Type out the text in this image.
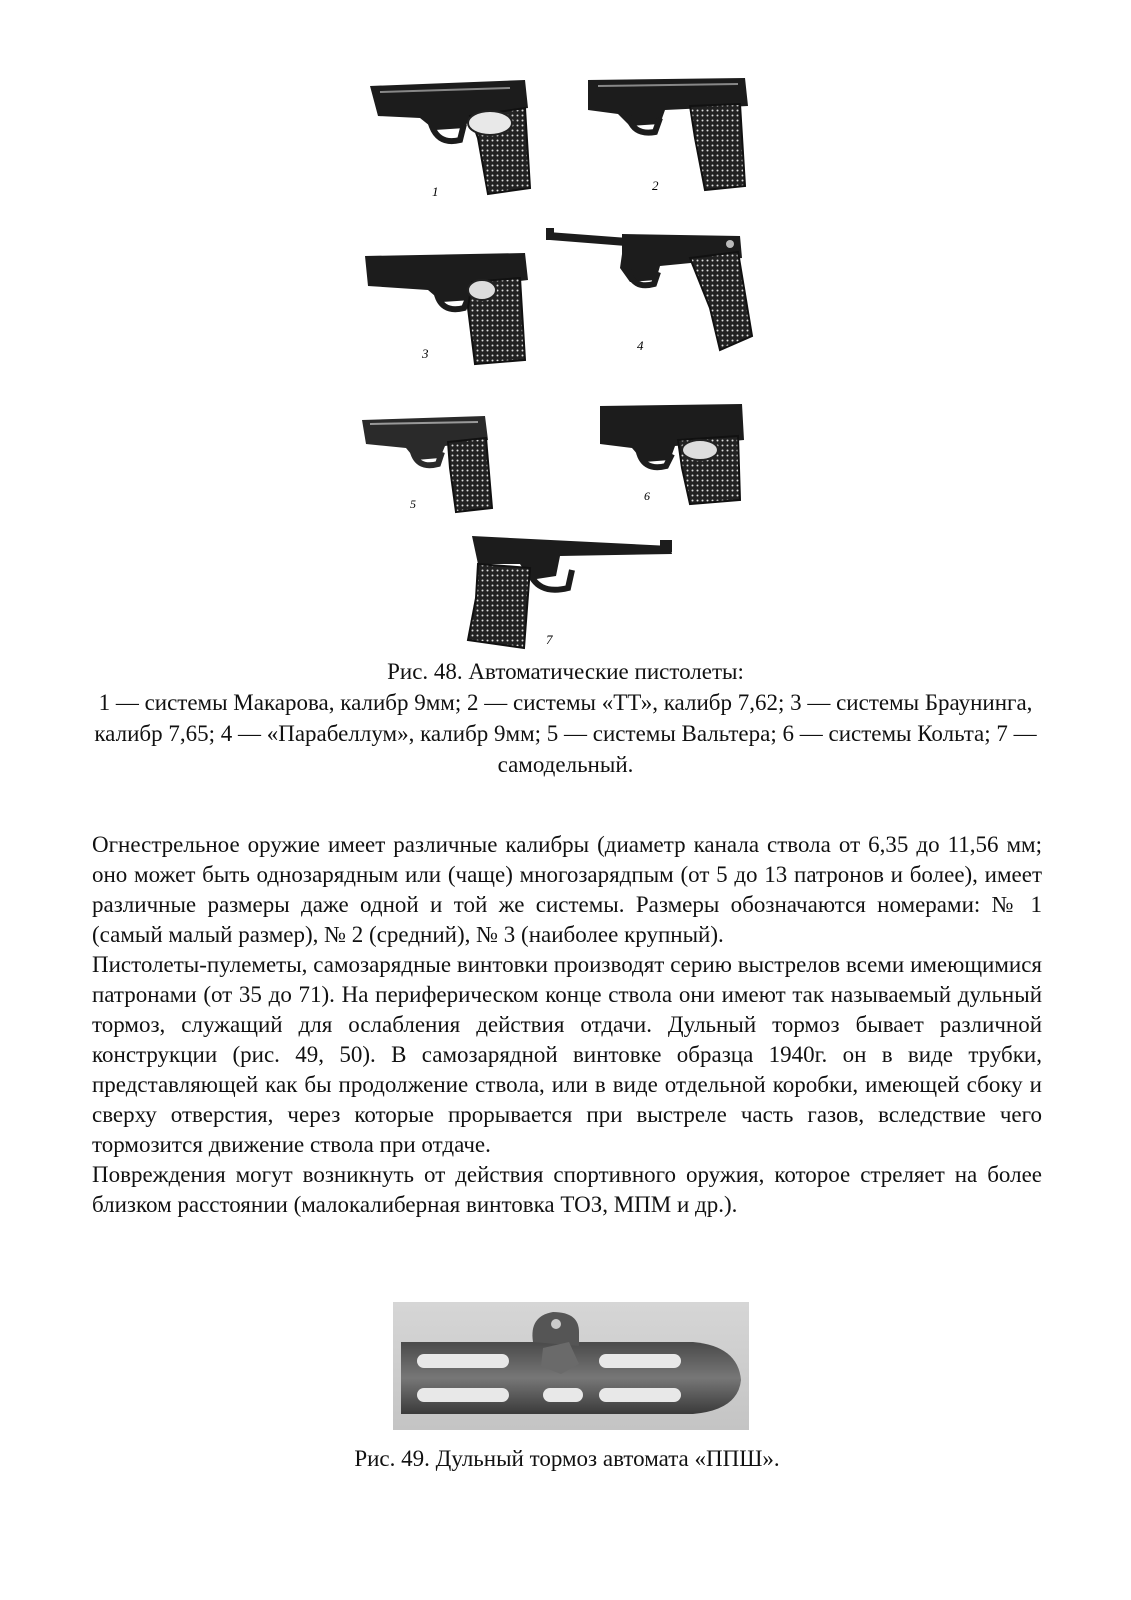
1	2
3
4
5
6
7
Рис. 48. Автоматические пистолеты:
1 — системы Макарова, калибр 9мм; 2 — системы «ТТ», калибр 7,62; 3 — системы Браунинга, калибр 7,65; 4 — «Парабеллум», калибр 9мм; 5 — системы Вальтера; 6 — системы Кольта; 7 — самодельный.

Огнестрельное оружие имеет различные калибры (диаметр канала ствола от 6,35 до 11,56 мм; оно может быть однозарядным или (чаще) многозарядпым (от 5 до 13 патронов и более), имеет различные размеры даже одной и той же системы. Размеры обозначаются номерами: № 1 (самый малый размер), № 2 (средний), № 3 (наиболее крупный).

Пистолеты-пулеметы, самозарядные винтовки производят серию выстрелов всеми имеющимися патронами (от 35 до 71). На периферическом конце ствола они имеют так называемый дульный тормоз, служащий для ослабления действия отдачи. Дульный тормоз бывает различной конструкции (рис. 49, 50). В самозарядной винтовке образца 1940г. он в виде трубки, представляющей как бы продолжение ствола, или в виде отдельной коробки, имеющей сбоку и сверху отверстия, через которые прорывается при выстреле часть газов, вследствие чего тормозится движение ствола при отдаче.

Повреждения могут возникнуть от действия спортивного оружия, которое стреляет на более близком расстоянии (малокалиберная винтовка ТОЗ, МПМ и др.).

Рис. 49. Дульный тормоз автомата «ППШ».
